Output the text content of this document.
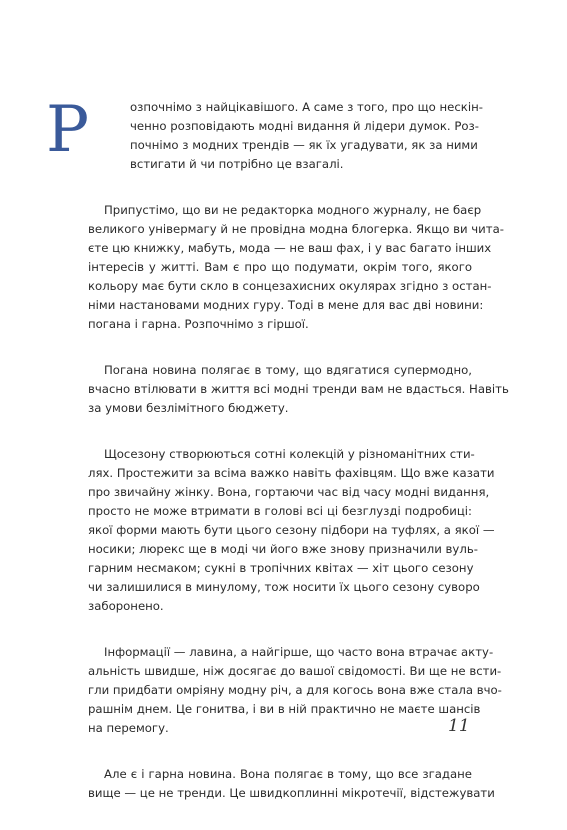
Р	озпочнімо з найцікавішого. А саме з того, про що нескін-
ченно розповідають модні видання й лідери думок. Роз-
почнімо з модних трендів — як їх угадувати, як за ними
встигати й чи потрібно це взагалі.
Припустімо, що ви не редакторка модного журналу, не баєр
великого універмагу й не провідна модна блогерка. Якщо ви чита-
єте цю книжку, мабуть, мода — не ваш фах, і у вас багато інших
інтересів у житті. Вам є про що подумати, окрім того, якого
кольору має бути скло в сонцезахисних окулярах згідно з остан-
німи настановами модних гуру. Тоді в мене для вас дві новини:
погана і гарна. Розпочнімо з гіршої.
Погана новина полягає в тому, що вдягатися супермодно,
вчасно втілювати в життя всі модні тренди вам не вдасться. Навіть
за умови безлімітного бюджету.
Щосезону створюються сотні колекцій у різноманітних сти-
лях. Простежити за всіма важко навіть фахівцям. Що вже казати
про звичайну жінку. Вона, гортаючи час від часу модні видання,
просто не може втримати в голові всі ці безглузді подробиці:
якої форми мають бути цього сезону підбори на туфлях, а якої —
носики; люрекс ще в моді чи його вже знову призначили вуль-
гарним несмаком; сукні в тропічних квітах — хіт цього сезону
чи залишилися в минулому, тож носити їх цього сезону суворо
заборонено.
Інформації — лавина, а найгірше, що часто вона втрачає акту-
альність швидше, ніж досягає до вашої свідомості. Ви ще не всти-
гли придбати омріяну модну річ, а для когось вона вже стала вчо-
рашнім днем. Це гонитва, і ви в ній практично не маєте шансів
на перемогу.
Але є і гарна новина. Вона полягає в тому, що все згадане
вище — це не тренди. Це швидкоплинні мікротечії, відстежувати
11
